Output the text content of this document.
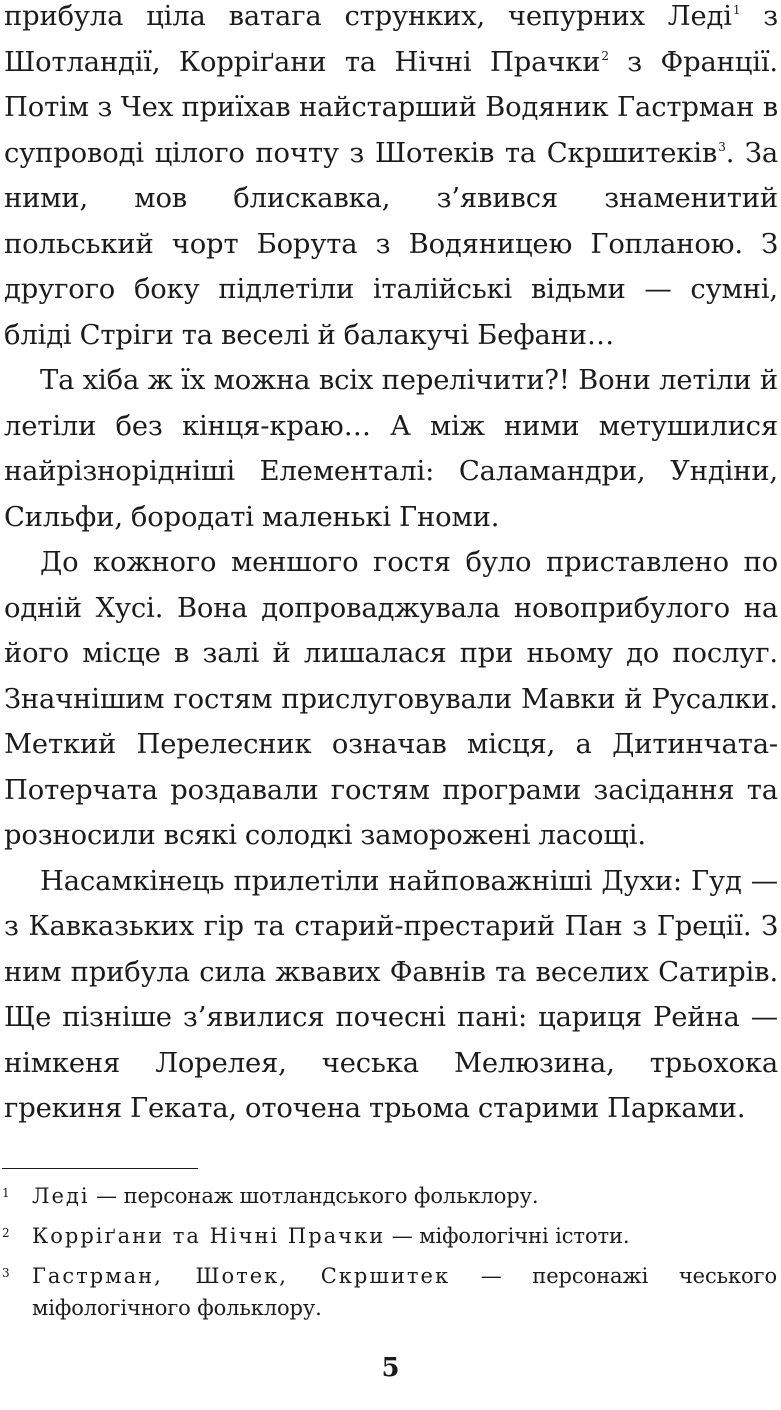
прибула ціла ватага струнких, чепурних Леді$^1$ з Шотландії, Корріґани та Нічні Прачки$^2$ з Франції. Потім з Чех приїхав найстарший Водяник Гастрман в супроводі цілого почту з Шотеків та Скршитеків$^3$. За ними, мов блискавка, з’явився знаменитий польський чорт Борута з Водяницею Гопланою. З другого боку підлетіли італійські відьми — сумні, бліді Стріги та веселі й балакучі Бефани…

Та хіба ж їх можна всіх перелічити?! Вони летіли й летіли без кінця-краю… А між ними метушилися найрізнорідніші Елементалі: Саламандри, Ундіни, Сильфи, бородаті маленькі Гноми.

До кожного меншого гостя було приставлено по одній Хусі. Вона допроваджувала новоприбулого на його місце в залі й лишалася при ньому до послуг. Значнішим гостям прислуговували Мавки й Русалки. Меткий Перелесник означав місця, а Дитинчата-Потерчата роздавали гостям програми засідання та розносили всякі солодкі заморожені ласощі.

Насамкінець прилетіли найповажніші Духи: Гуд — з Кавказьких гір та старий-престарий Пан з Греції. З ним прибула сила жвавих Фавнів та веселих Сатирів. Ще пізніше з’явилися почесні пані: цариця Рейна — німкеня Лорелея, чеська Мелюзина, трьохока грекиня Геката, оточена трьома старими Парками.

1 Леді — персонаж шотландського фольклору.
2 Корріґани та Нічні Прачки — міфологічні істоти.
3 Гастрман, Шотек, Скршитек — персонажі чеського міфологічного фольклору.
5
